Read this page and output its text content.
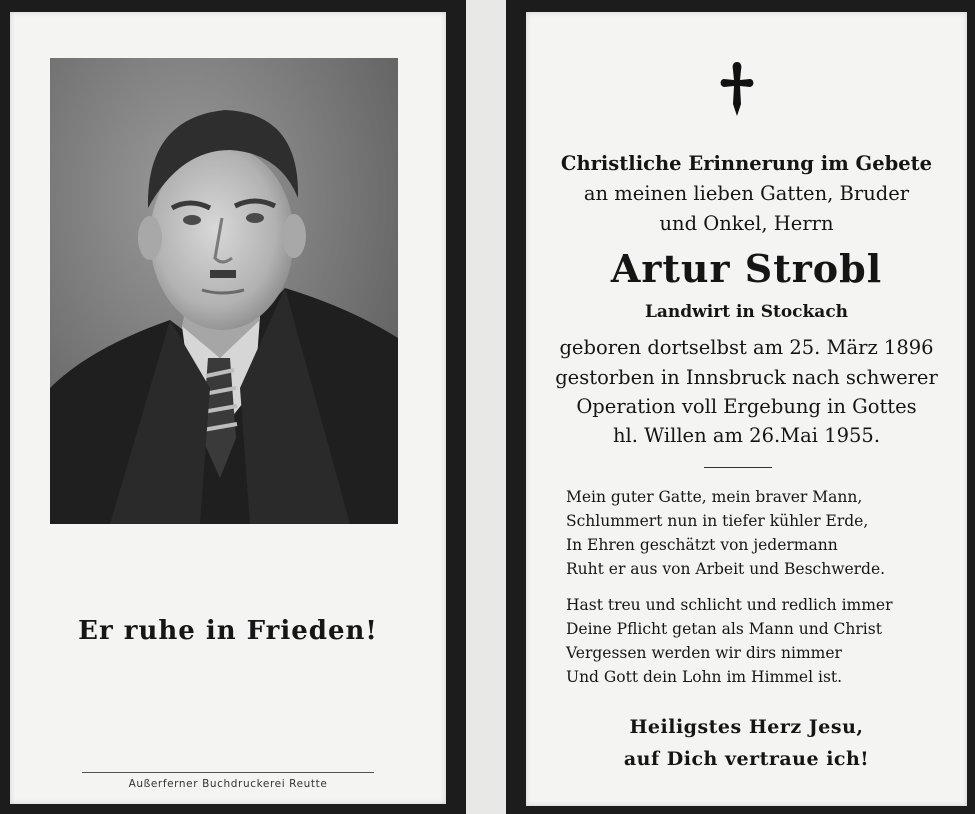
Er ruhe in Frieden!
Außerferner Buchdruckerei Reutte
Christliche Erinnerung im Gebete
an meinen lieben Gatten, Bruder
und Onkel, Herrn
Artur Strobl
Landwirt in Stockach
geboren dortselbst am 25. März 1896
gestorben in Innsbruck nach schwerer
Operation voll Ergebung in Gottes
hl. Willen am 26.Mai 1955.
Mein guter Gatte, mein braver Mann,
Schlummert nun in tiefer kühler Erde,
In Ehren geschätzt von jedermann
Ruht er aus von Arbeit und Beschwerde.
Hast treu und schlicht und redlich immer
Deine Pflicht getan als Mann und Christ
Vergessen werden wir dirs nimmer
Und Gott dein Lohn im Himmel ist.
Heiligstes Herz Jesu,
auf Dich vertraue ich!
